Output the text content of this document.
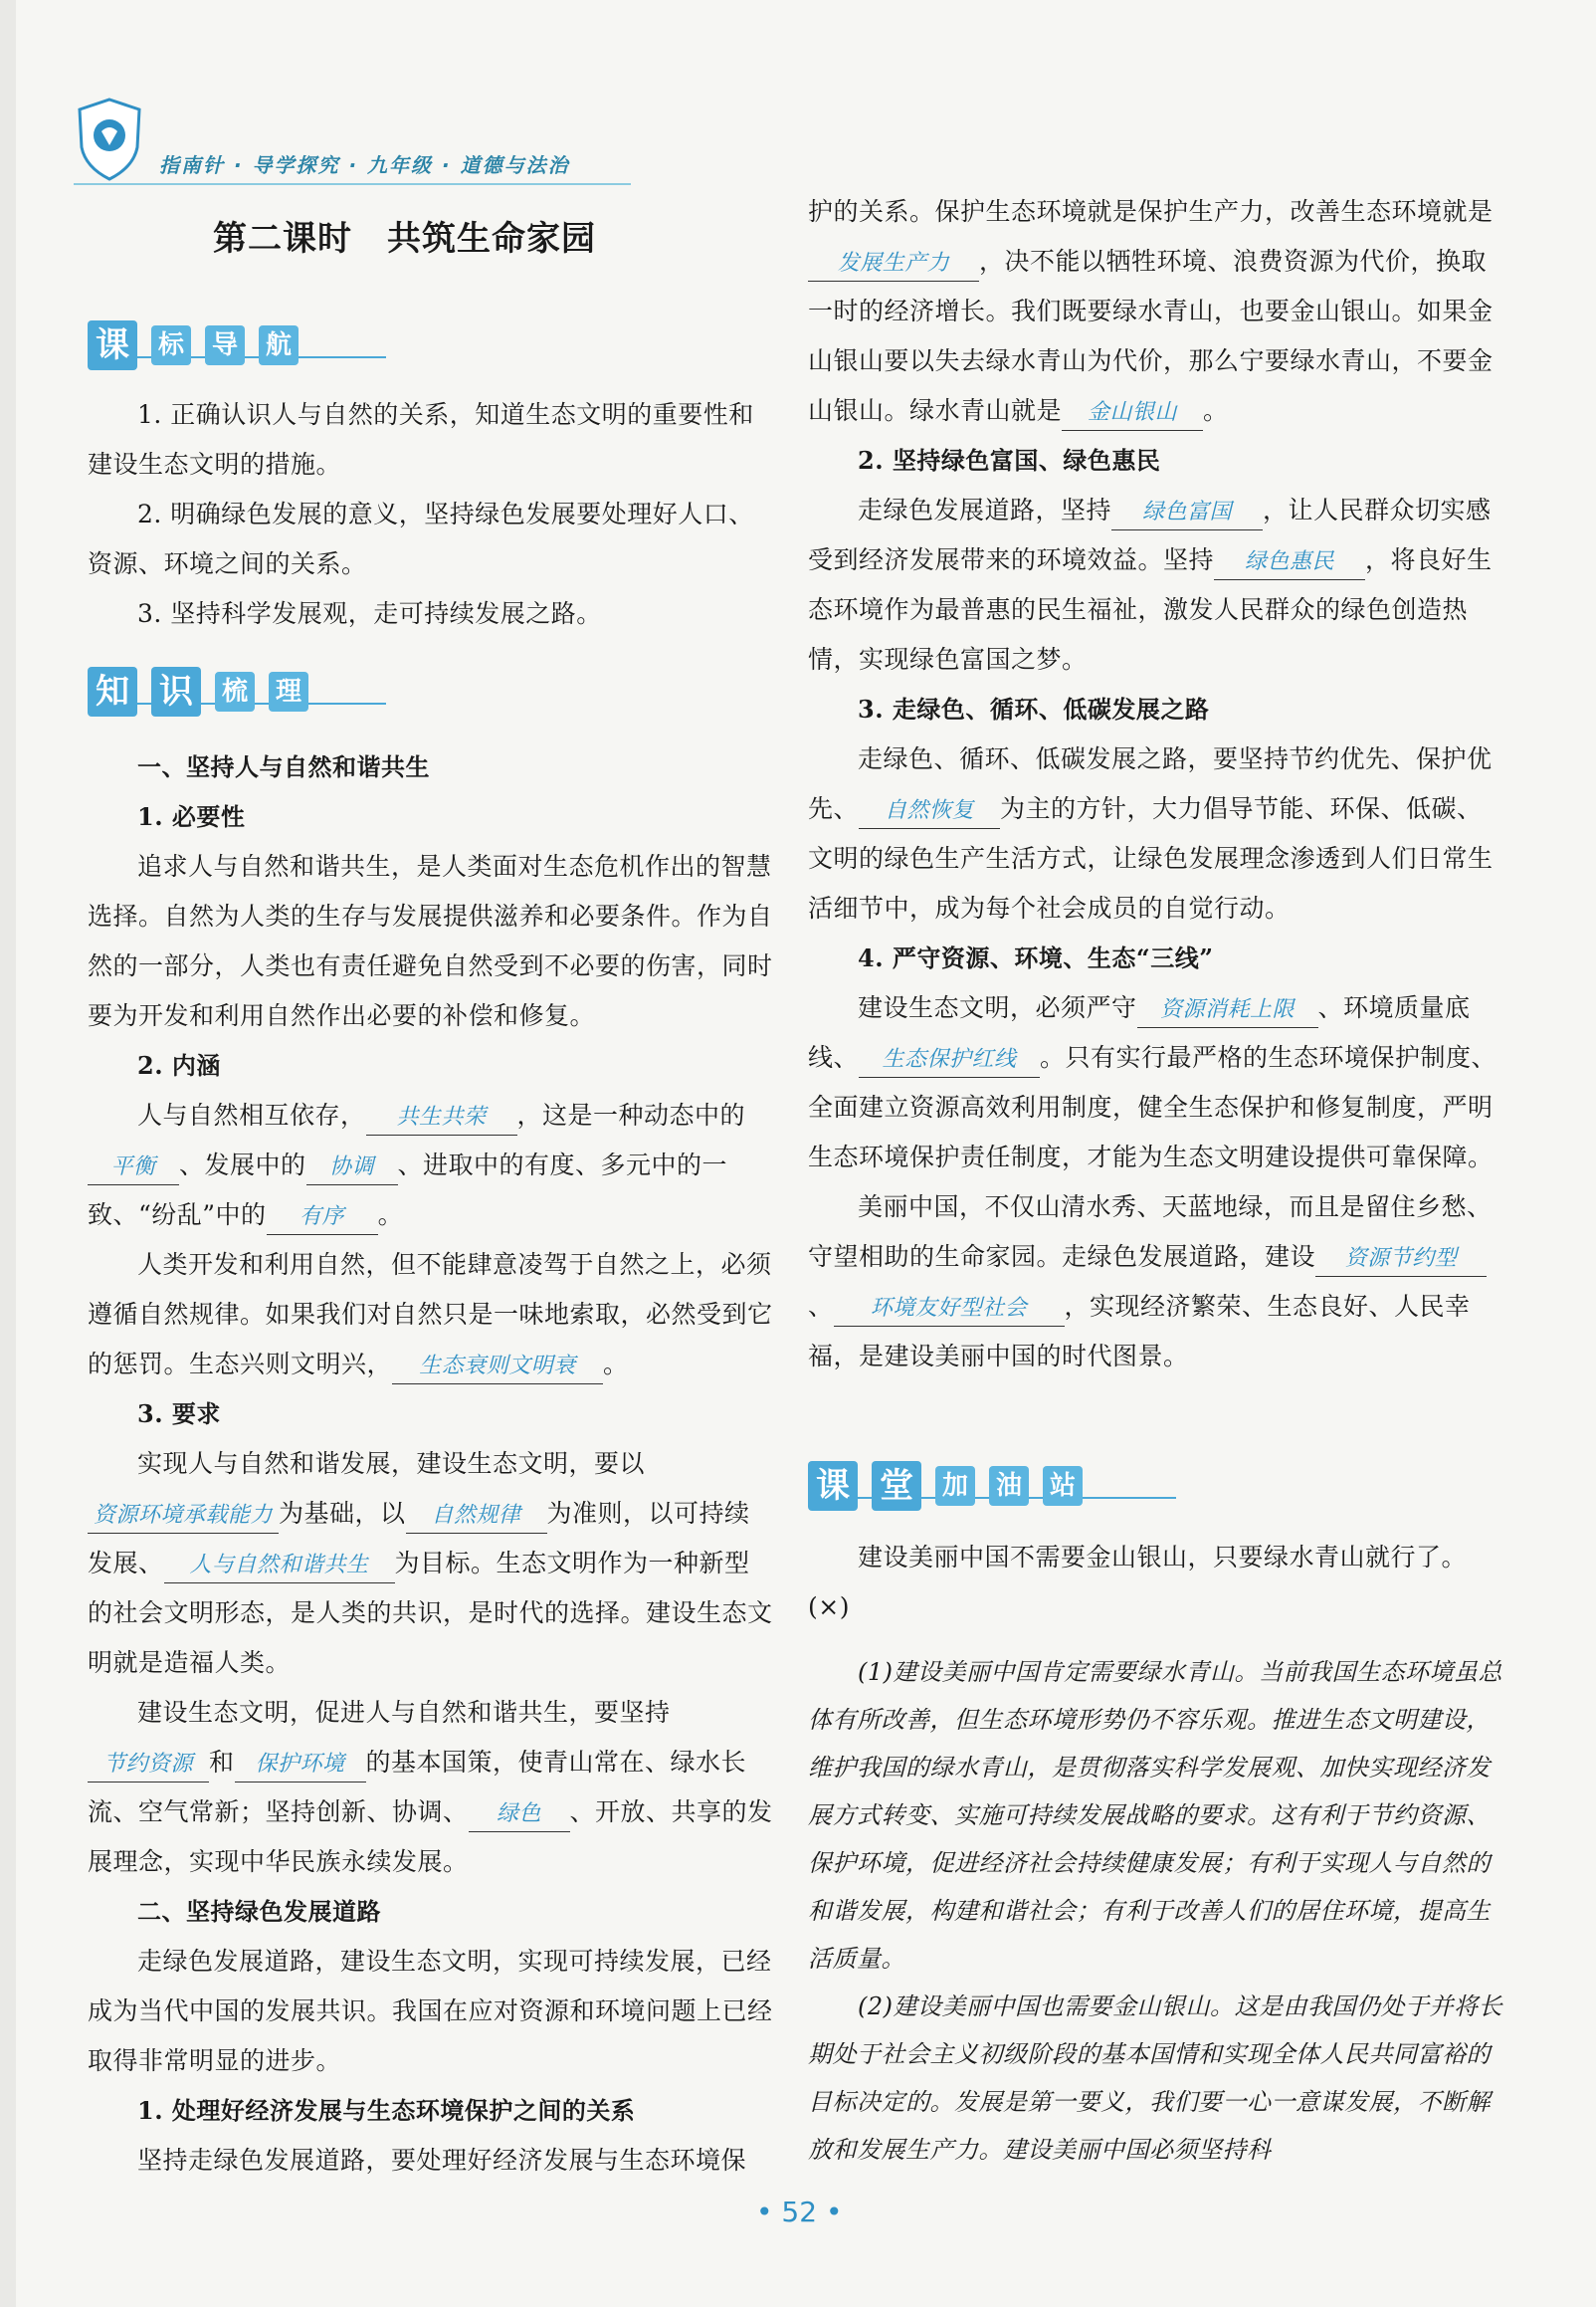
指南针 · 导学探究 · 九年级 · 道德与法治
第二课时　共筑生命家园
课 标 导 航

1. 正确认识人与自然的关系，知道生态文明的重要性和建设生态文明的措施。

2. 明确绿色发展的意义，坚持绿色发展要处理好人口、资源、环境之间的关系。

3. 坚持科学发展观，走可持续发展之路。

知 识 梳 理

一、坚持人与自然和谐共生

1. 必要性

追求人与自然和谐共生，是人类面对生态危机作出的智慧选择。自然为人类的生存与发展提供滋养和必要条件。作为自然的一部分，人类也有责任避免自然受到不必要的伤害，同时要为开发和利用自然作出必要的补偿和修复。

2. 内涵

人与自然相互依存， 共生共荣 ，这是一种动态中的平衡 、发展中的 协调 、进取中的有度、多元中的一致、“纷乱”中的 有序 。

人类开发和利用自然，但不能肆意凌驾于自然之上，必须遵循自然规律。如果我们对自然只是一味地索取，必然受到它的惩罚。生态兴则文明兴， 生态衰则文明衰 。

3. 要求

实现人与自然和谐发展，建设生态文明，要以资源环境承载能力 为基础，以 自然规律 为准则，以可持续发展、 人与自然和谐共生 为目标。生态文明作为一种新型的社会文明形态，是人类的共识，是时代的选择。建设生态文明就是造福人类。

建设生态文明，促进人与自然和谐共生，要坚持节约资源 和 保护环境 的基本国策，使青山常在、绿水长流、空气常新；坚持创新、协调、 绿色 、开放、共享的发展理念，实现中华民族永续发展。

二、坚持绿色发展道路

走绿色发展道路，建设生态文明，实现可持续发展，已经成为当代中国的发展共识。我国在应对资源和环境问题上已经取得非常明显的进步。

1. 处理好经济发展与生态环境保护之间的关系

坚持走绿色发展道路，要处理好经济发展与生态环境保

护的关系。保护生态环境就是保护生产力，改善生态环境就是发展生产力 ，决不能以牺牲环境、浪费资源为代价，换取一时的经济增长。我们既要绿水青山，也要金山银山。如果金山银山要以失去绿水青山为代价，那么宁要绿水青山，不要金山银山。绿水青山就是 金山银山 。

2. 坚持绿色富国、绿色惠民

走绿色发展道路，坚持 绿色富国 ，让人民群众切实感受到经济发展带来的环境效益。坚持 绿色惠民 ，将良好生态环境作为最普惠的民生福祉，激发人民群众的绿色创造热情，实现绿色富国之梦。

3. 走绿色、循环、低碳发展之路

走绿色、循环、低碳发展之路，要坚持节约优先、保护优先、 自然恢复 为主的方针，大力倡导节能、环保、低碳、文明的绿色生产生活方式，让绿色发展理念渗透到人们日常生活细节中，成为每个社会成员的自觉行动。

4. 严守资源、环境、生态“三线”

建设生态文明，必须严守 资源消耗上限 、环境质量底线、 生态保护红线 。只有实行最严格的生态环境保护制度、全面建立资源高效利用制度，健全生态保护和修复制度，严明生态环境保护责任制度，才能为生态文明建设提供可靠保障。

美丽中国，不仅山清水秀、天蓝地绿，而且是留住乡愁、守望相助的生命家园。走绿色发展道路，建设 资源节约型、 环境友好型社会 ，实现经济繁荣、生态良好、人民幸福，是建设美丽中国的时代图景。

课 堂 加 油 站

建设美丽中国不需要金山银山，只要绿水青山就行了。

(×)

(1)建设美丽中国肯定需要绿水青山。当前我国生态环境虽总体有所改善，但生态环境形势仍不容乐观。推进生态文明建设，维护我国的绿水青山，是贯彻落实科学发展观、加快实现经济发展方式转变、实施可持续发展战略的要求。这有利于节约资源、保护环境，促进经济社会持续健康发展；有利于实现人与自然的和谐发展，构建和谐社会；有利于改善人们的居住环境，提高生活质量。

(2)建设美丽中国也需要金山银山。这是由我国仍处于并将长期处于社会主义初级阶段的基本国情和实现全体人民共同富裕的目标决定的。发展是第一要义，我们要一心一意谋发展，不断解放和发展生产力。建设美丽中国必须坚持科

• 52 •
